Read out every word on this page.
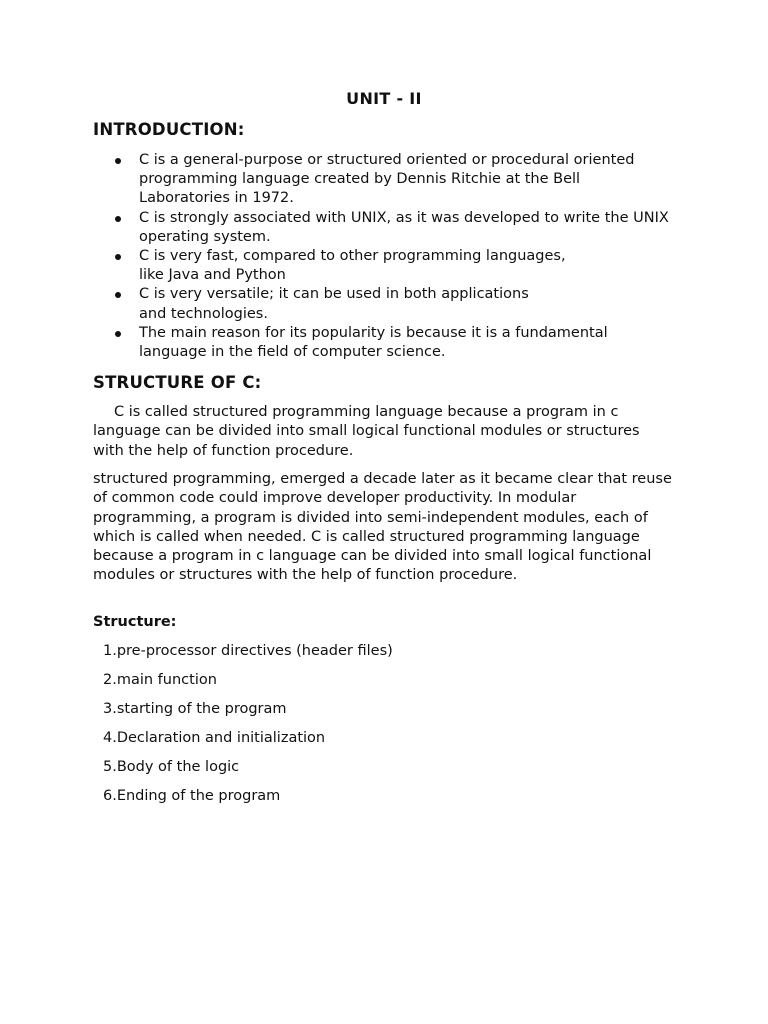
UNIT - II
INTRODUCTION:
C is a general-purpose or structured oriented or procedural oriented programming language created by Dennis Ritchie at the Bell Laboratories in 1972.
C is strongly associated with UNIX, as it was developed to write the UNIX operating system.
C is very fast, compared to other programming languages, like Java and Python
C is very versatile; it can be used in both applications and technologies.
The main reason for its popularity is because it is a fundamental language in the field of computer science.
STRUCTURE OF C:

C is called structured programming language because a program in c language can be divided into small logical functional modules or structures with the help of function procedure.

structured programming, emerged a decade later as it became clear that reuse of common code could improve developer productivity. In modular programming, a program is divided into semi-independent modules, each of which is called when needed. C is called structured programming language because a program in c language can be divided into small logical functional modules or structures with the help of function procedure.

Structure:
1.pre-processor directives (header files)
2.main function
3.starting of the program
4.Declaration and initialization
5.Body of the logic
6.Ending of the program
